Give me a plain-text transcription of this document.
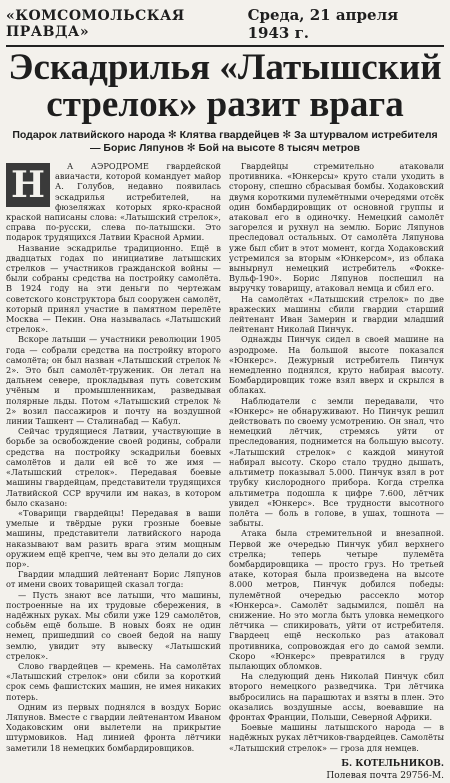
«КОМСОМОЛЬСКАЯ ПРАВДА»
Среда, 21 апреля 1943 г.
Эскадрилья «Латышский стрелок» разит врага
Подарок латвийского народа ✻ Клятва гвардейцев ✻ За штурвалом истребителя — Борис Ляпунов ✻ Бой на высоте 8 тысяч метров
Н	А АЭРОДРОМЕ гвардейской авиачасти, которой командует майор А. Голубов, недавно появилась эскадрилья истребителей, на фюзеляжах которых ярко-красной краской написаны слова: «Латышский стрелок», справа по-русски, слева по-латышски. Это подарок трудящихся Латвии Красной Армии.

Название эскадрилье традиционно. Ещё в двадцатых годах по инициативе латышских стрелков — участников гражданской войны — были собраны средства на постройку самолёта. В 1924 году на эти деньги по чертежам советского конструктора был сооружен самолёт, который принял участие в памятном перелёте Москва — Пекин. Она называлась «Латышский стрелок».

Вскоре латыши — участники революции 1905 года — собрали средства на постройку второго самолёта; он был назван «Латышский стрелок № 2». Это был самолёт-труженик. Он летал на дальнем севере, прокладывая путь советским учёным и промышленникам, разведывая полярные льды. Потом «Латышский стрелок № 2» возил пассажиров и почту на воздушной линии Ташкент — Сталинабад — Кабул.

Сейчас трудящиеся Латвии, участвующие в борьбе за освобождение своей родины, собрали средства на постройку эскадрильи боевых самолётов и дали ей всё то же имя — «Латышский стрелок». Передавая боевые машины гвардейцам, представители трудящихся Латвийской ССР вручили им наказ, в котором было сказано:

«Товарищи гвардейцы! Передавая в ваши умелые и твёрдые руки грозные боевые машины, представители латвийского народа наказывают вам разить врага этим мощным оружием ещё крепче, чем вы это делали до сих пор».

Гвардии младший лейтенант Борис Ляпунов от имени своих товарищей сказал тогда:

— Пусть знают все латыши, что машины, построенные на их трудовые сбережения, в надёжных руках. Мы сбили уже 129 самолётов, собьём ещё больше. В новых боях не один немец, пришедший со своей бедой на нашу землю, увидит эту вывеску «Латышский стрелок».

Слово гвардейцев — кремень. На самолётах «Латышский стрелок» они сбили за короткий срок семь фашистских машин, не имея никаких потерь.

Одним из первых поднялся в воздух Борис Ляпунов. Вместе с гвардии лейтенантом Иваном Ходаковским они вылетели на прикрытие штурмовиков. Над линией фронта лётчики заметили 18 немецких бомбардировщиков.

Гвардейцы стремительно атаковали противника. «Юнкерсы» круто стали уходить в сторону, спешно сбрасывая бомбы. Ходаковский двумя короткими пулемётными очередями отсёк один бомбардировщик от основной группы и атаковал его в одиночку. Немецкий самолёт загорелся и рухнул на землю. Борис Ляпунов преследовал остальных. От самолёта Ляпунова уже был сбит в этот момент, когда Ходаковский устремился за вторым «Юнкерсом», из облака вынырнул немецкий истребитель «Фокке-Вульф-190». Борис Ляпунов поспешил на выручку товарищу, атаковал немца и сбил его.

На самолётах «Латышский стрелок» по две вражеских машины сбили гвардии старший лейтенант Иван Замерин и гвардии младший лейтенант Николай Пинчук.

Однажды Пинчук сидел в своей машине на аэродроме. На большой высоте показался «Юнкерс». Дежурный истребитель Пинчук немедленно поднялся, круто набирая высоту. Бомбардировщик тоже взял вверх и скрылся в облаках.

Наблюдатели с земли передавали, что «Юнкерс» не обнаруживают. Но Пинчук решил действовать по своему усмотрению. Он знал, что немецкий лётчик, стремясь уйти от преследования, поднимется на большую высоту. «Латышский стрелок» с каждой минутой набирал высоту. Скоро стало трудно дышать, альтиметр показывал 5.000. Пинчук взял в рот трубку кислородного прибора. Когда стрелка альтиметра подошла к цифре 7.600, лётчик увидел «Юнкерс». Все трудности высотного полёта — боль в голове, в ушах, тошнота — забыты.

Атака была стремительной и внезапной. Первой же очередью Пинчук убил верхнего стрелка; теперь четыре пулемёта бомбардировщика — просто груз. Но третьей атаке, которая была произведена на высоте 8.000 метров, Пинчук добился победы: пулемётной очередью рассекло мотор «Юнкерса». Самолёт задымился, пошёл на снижение. Но это могла быть уловка немецкого лётчика — спикировать, уйти от истребителя. Гвардеец ещё несколько раз атаковал противника, сопровождая его до самой земли. Скоро «Юнкерс» превратился в груду пылающих обломков.

На следующий день Николай Пинчук сбил второго немецкого разведчика. Три лётчика выбросились на парашютах и взяты в плен. Это оказались воздушные ассы, воевавшие на фронтах Франции, Польши, Северной Африки.

Боевые машины латышского народа — в надёжных руках лётчиков-гвардейцев. Самолёты «Латышский стрелок» — гроза для немцев.

Б. КОТЕЛЬНИКОВ.
Полевая почта 29756-М.
